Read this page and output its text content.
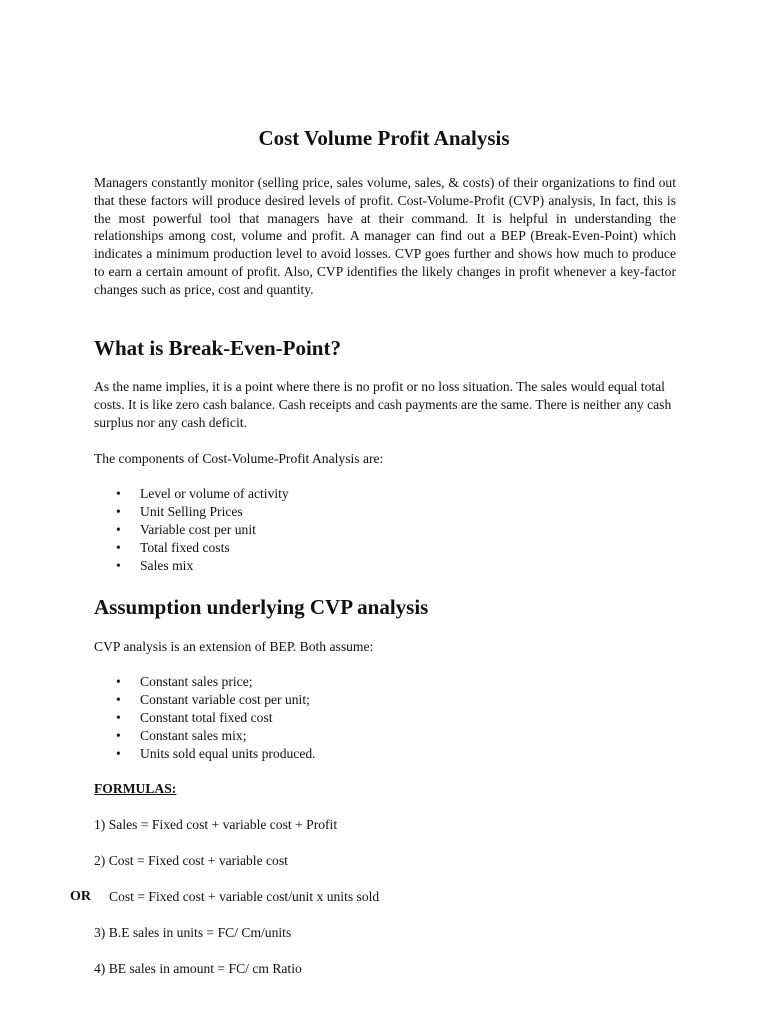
Cost Volume Profit Analysis

Managers constantly monitor (selling price, sales volume, sales, & costs) of their organizations to find out that these factors will produce desired levels of profit. Cost-Volume-Profit (CVP) analysis, In fact, this is the most powerful tool that managers have at their command. It is helpful in understanding the relationships among cost, volume and profit. A manager can find out a BEP (Break-Even-Point) which indicates a minimum production level to avoid losses. CVP goes further and shows how much to produce to earn a certain amount of profit. Also, CVP identifies the likely changes in profit whenever a key-factor changes such as price, cost and quantity.

What is Break-Even-Point?

As the name implies, it is a point where there is no profit or no loss situation. The sales would equal total costs. It is like zero cash balance. Cash receipts and cash payments are the same. There is neither any cash surplus nor any cash deficit.

The components of Cost-Volume-Profit Analysis are:

• Level or volume of activity
• Unit Selling Prices
• Variable cost per unit
• Total fixed costs
• Sales mix
Assumption underlying CVP analysis

CVP analysis is an extension of BEP. Both assume:

• Constant sales price;
• Constant variable cost per unit;
• Constant total fixed cost
• Constant sales mix;
• Units sold equal units produced.
FORMULAS:
1) Sales = Fixed cost + variable cost + Profit
2) Cost = Fixed cost + variable cost
OR Cost = Fixed cost + variable cost/unit x units sold
3) B.E sales in units = FC/ Cm/units
4) BE sales in amount = FC/ cm Ratio
